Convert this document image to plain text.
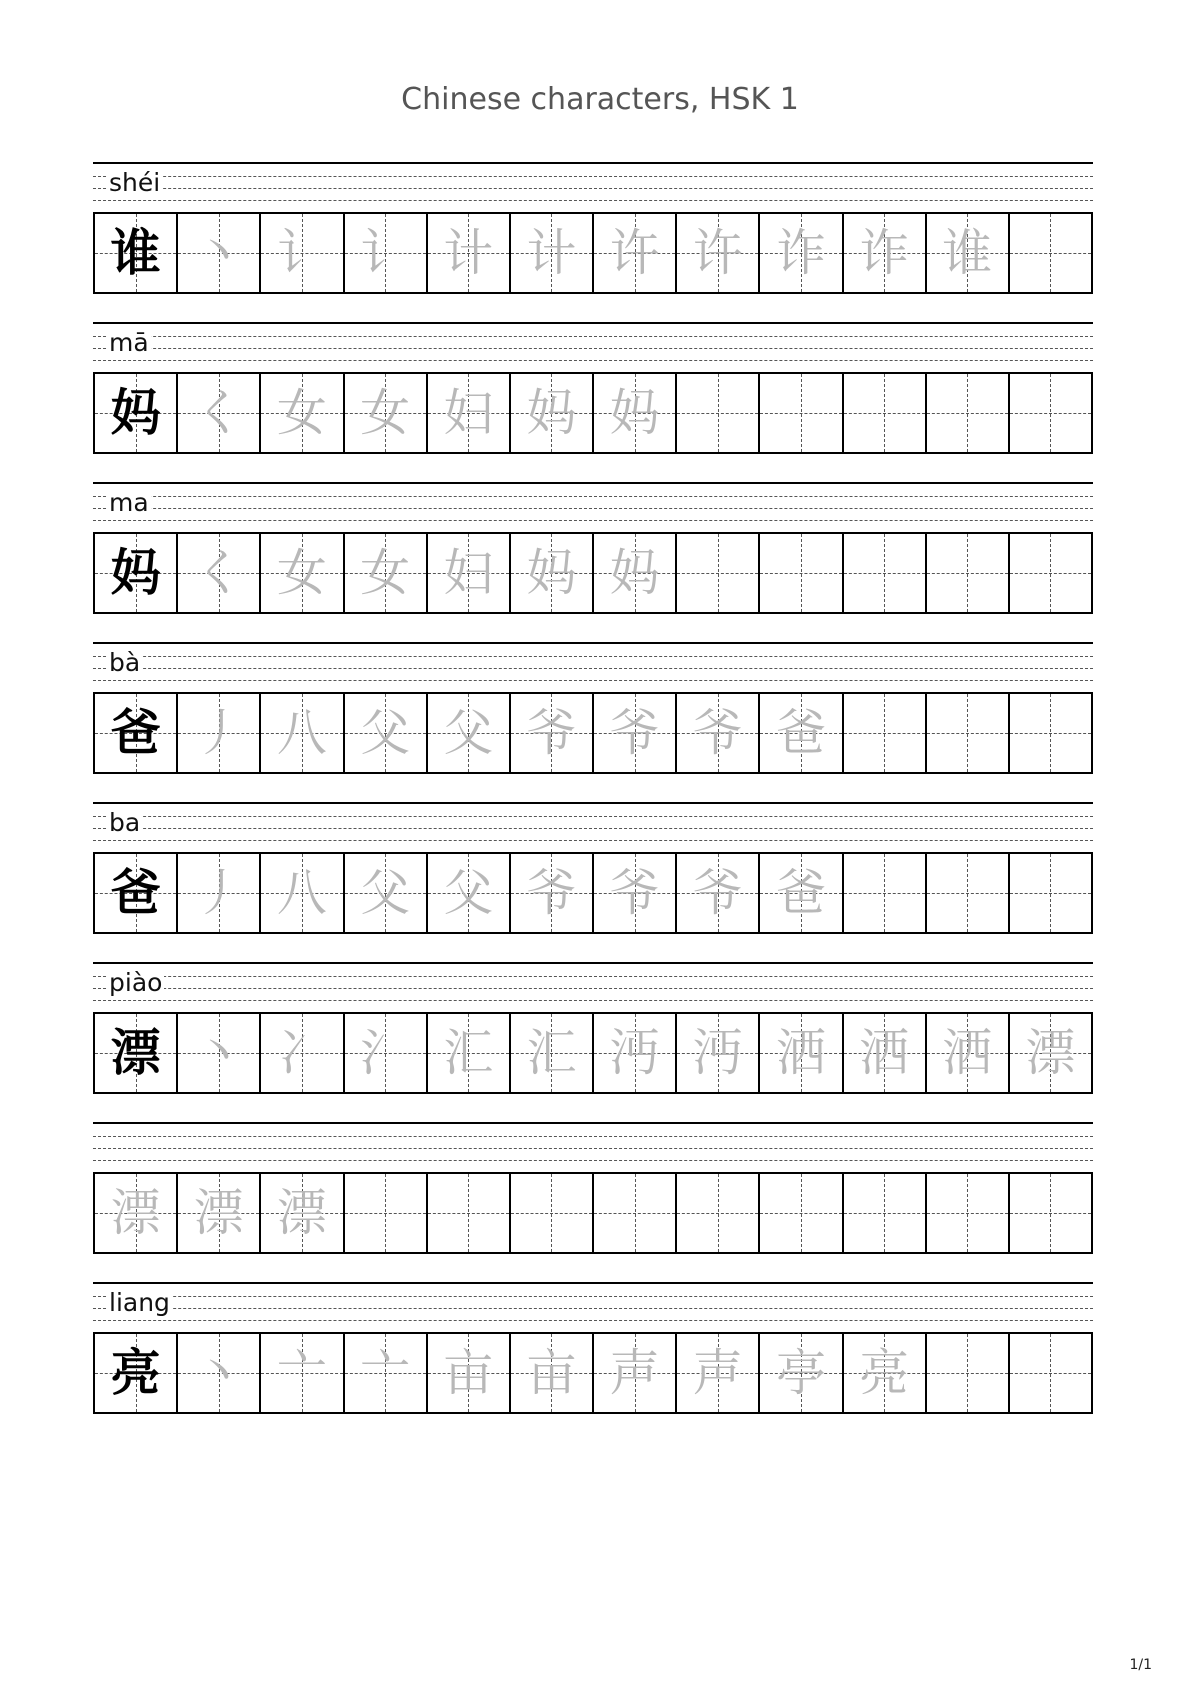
Chinese characters, HSK 1
shéi
谁 丶 讠 讠 计 计 许 许 诈 诈 谁
mā
妈 く 女 女 妇 妈 妈
ma
妈 く 女 女 妇 妈 妈
bà
爸 丿 八 父 父 爷 爷 爷 爸
ba
爸 丿 八 父 父 爷 爷 爷 爸
piào
漂 丶 冫 氵 汇 汇 沔 沔 洒 洒 洒 漂
漂 漂 漂
liang
亮 丶 亠 亠 亩 亩 声 声 亭 亮
1/1
